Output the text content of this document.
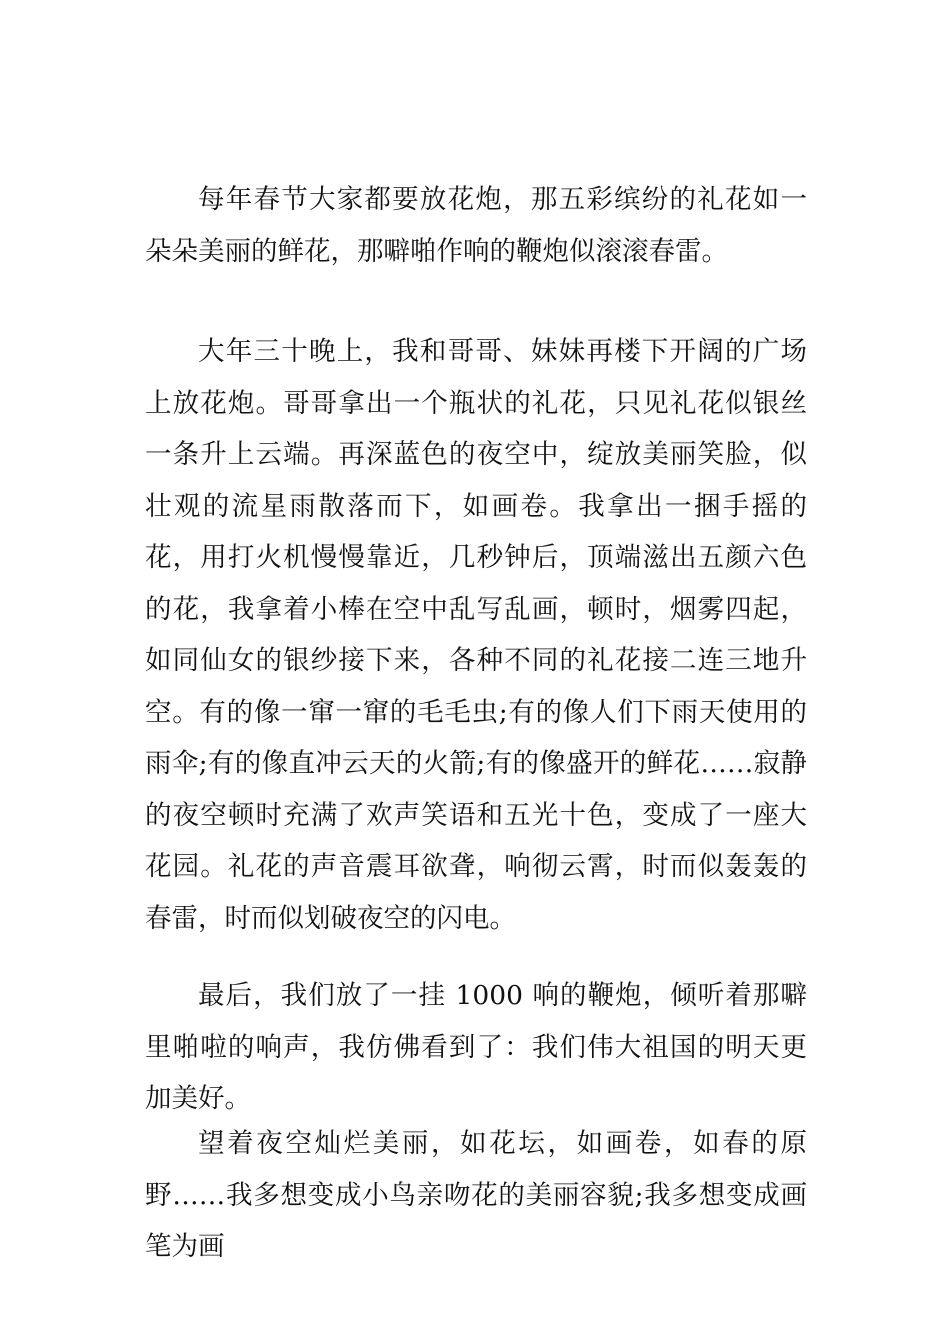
每年春节大家都要放花炮，那五彩缤纷的礼花如一朵朵美丽的鲜花，那噼啪作响的鞭炮似滚滚春雷。

大年三十晚上，我和哥哥、妹妹再楼下开阔的广场上放花炮。哥哥拿出一个瓶状的礼花，只见礼花似银丝一条升上云端。再深蓝色的夜空中，绽放美丽笑脸，似壮观的流星雨散落而下，如画卷。我拿出一捆手摇的花，用打火机慢慢靠近，几秒钟后，顶端滋出五颜六色的花，我拿着小棒在空中乱写乱画，顿时，烟雾四起，如同仙女的银纱接下来，各种不同的礼花接二连三地升空。有的像一窜一窜的毛毛虫;有的像人们下雨天使用的雨伞;有的像直冲云天的火箭;有的像盛开的鲜花……寂静的夜空顿时充满了欢声笑语和五光十色，变成了一座大花园。礼花的声音震耳欲聋，响彻云霄，时而似轰轰的春雷，时而似划破夜空的闪电。

最后，我们放了一挂 1000 响的鞭炮，倾听着那噼里啪啦的响声，我仿佛看到了：我们伟大祖国的明天更加美好。

望着夜空灿烂美丽，如花坛，如画卷，如春的原野……我多想变成小鸟亲吻花的美丽容貌;我多想变成画笔为画
